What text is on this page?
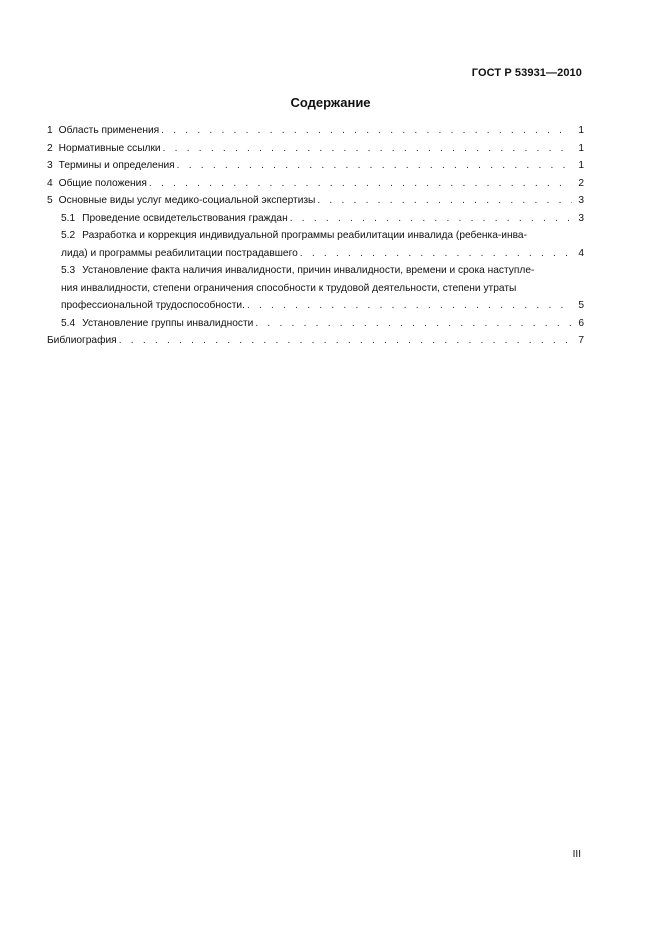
ГОСТ Р 53931—2010
Содержание
1 Область применения . . .	1
2 Нормативные ссылки . . .	1
3 Термины и определения . . .	1
4 Общие положения . . .	2
5 Основные виды услуг медико-социальной экспертизы . . .	3
5.1 Проведение освидетельствования граждан . . .	3
5.2 Разработка и коррекция индивидуальной программы реабилитации инвалида (ребенка-инва-
лида) и программы реабилитации пострадавшего . . .	4
5.3 Установление факта наличия инвалидности, причин инвалидности, времени и срока наступле-
ния инвалидности, степени ограничения способности к трудовой деятельности, степени утраты
профессиональной трудоспособности. . . .	5
5.4 Установление группы инвалидности . . .	6
Библиография . . .	7
III
